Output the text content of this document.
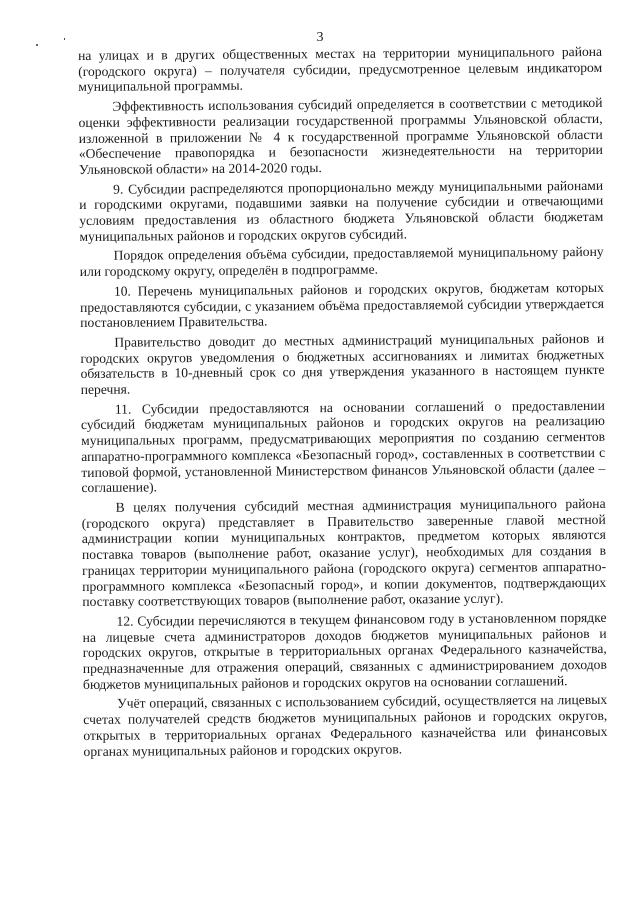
3

на улицах и в других общественных местах на территории муниципального района (городского округа) – получателя субсидии, предусмотренное целевым индикатором муниципальной программы.

Эффективность использования субсидий определяется в соответствии с методикой оценки эффективности реализации государственной программы Ульяновской области, изложенной в приложении № 4 к государственной программе Ульяновской области «Обеспечение правопорядка и безопасности жизнедеятельности на территории Ульяновской области» на 2014-2020 годы.

9. Субсидии распределяются пропорционально между муниципальными районами и городскими округами, подавшими заявки на получение субсидии и отвечающими условиям предоставления из областного бюджета Ульяновской области бюджетам муниципальных районов и городских округов субсидий.

Порядок определения объёма субсидии, предоставляемой муниципальному району или городскому округу, определён в подпрограмме.

10. Перечень муниципальных районов и городских округов, бюджетам которых предоставляются субсидии, с указанием объёма предоставляемой субсидии утверждается постановлением Правительства.

Правительство доводит до местных администраций муниципальных районов и городских округов уведомления о бюджетных ассигнованиях и лимитах бюджетных обязательств в 10-дневный срок со дня утверждения указанного в настоящем пункте перечня.

11. Субсидии предоставляются на основании соглашений о предоставлении субсидий бюджетам муниципальных районов и городских округов на реализацию муниципальных программ, предусматривающих мероприятия по созданию сегментов аппаратно-программного комплекса «Безопасный город», составленных в соответствии с типовой формой, установленной Министерством финансов Ульяновской области (далее – соглашение).

В целях получения субсидий местная администрация муниципального района (городского округа) представляет в Правительство заверенные главой местной администрации копии муниципальных контрактов, предметом которых являются поставка товаров (выполнение работ, оказание услуг), необходимых для создания в границах территории муниципального района (городского округа) сегментов аппаратно-программного комплекса «Безопасный город», и копии документов, подтверждающих поставку соответствующих товаров (выполнение работ, оказание услуг).

12. Субсидии перечисляются в текущем финансовом году в установленном порядке на лицевые счета администраторов доходов бюджетов муниципальных районов и городских округов, открытые в территориальных органах Федерального казначейства, предназначенные для отражения операций, связанных с администрированием доходов бюджетов муниципальных районов и городских округов на основании соглашений.

Учёт операций, связанных с использованием субсидий, осуществляется на лицевых счетах получателей средств бюджетов муниципальных районов и городских округов, открытых в территориальных органах Федерального казначейства или финансовых органах муниципальных районов и городских округов.
